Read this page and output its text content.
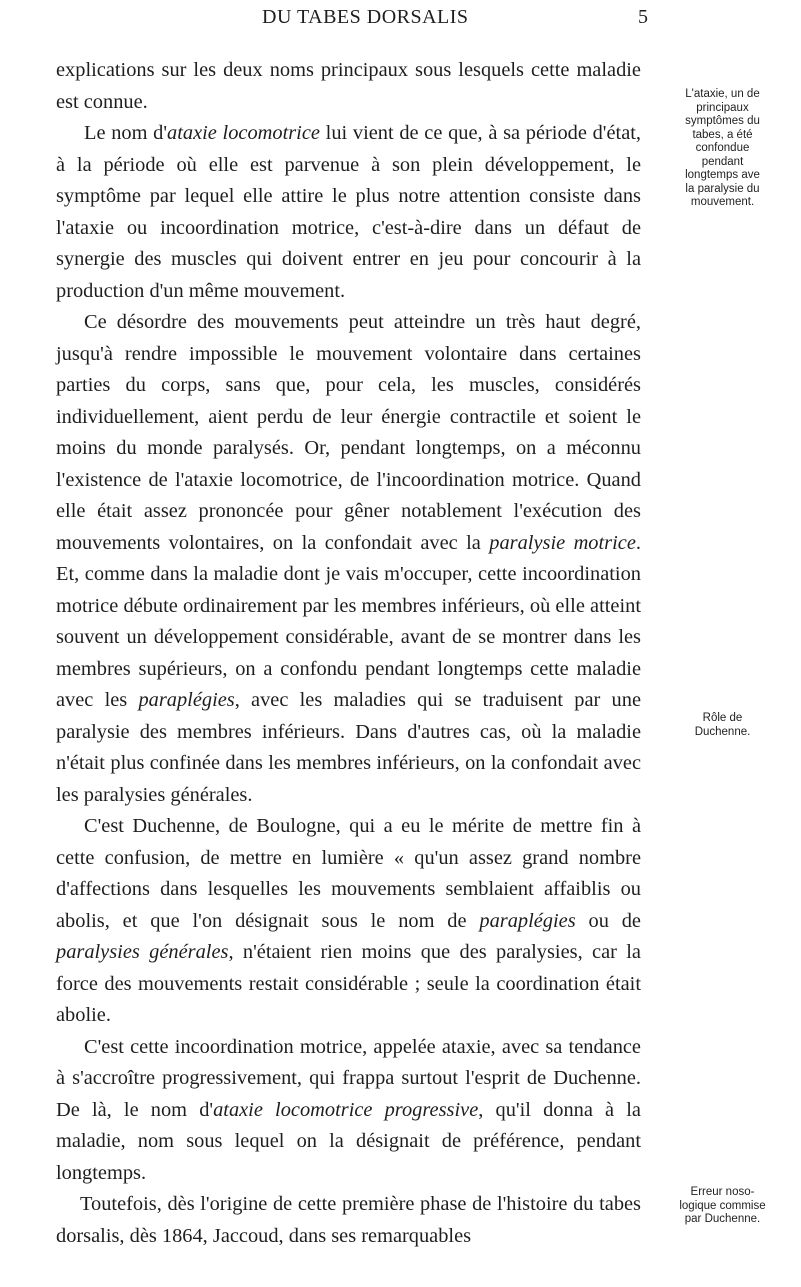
DU TABES DORSALIS	5

explications sur les deux noms principaux sous lesquels cette maladie est connue.

Le nom d'ataxie locomotrice lui vient de ce que, à sa période d'état, à la période où elle est parvenue à son plein développement, le symptôme par lequel elle attire le plus notre attention consiste dans l'ataxie ou incoordination motrice, c'est-à-dire dans un défaut de synergie des muscles qui doivent entrer en jeu pour concourir à la production d'un même mouvement.

Ce désordre des mouvements peut atteindre un très haut degré, jusqu'à rendre impossible le mouvement volontaire dans certaines parties du corps, sans que, pour cela, les muscles, considérés individuellement, aient perdu de leur énergie contractile et soient le moins du monde paralysés. Or, pendant longtemps, on a méconnu l'existence de l'ataxie locomotrice, de l'incoordination motrice. Quand elle était assez prononcée pour gêner notablement l'exécution des mouvements volontaires, on la confondait avec la paralysie motrice. Et, comme dans la maladie dont je vais m'occuper, cette incoordination motrice débute ordinairement par les membres inférieurs, où elle atteint souvent un développement considérable, avant de se montrer dans les membres supérieurs, on a confondu pendant longtemps cette maladie avec les paraplégies, avec les maladies qui se traduisent par une paralysie des membres inférieurs. Dans d'autres cas, où la maladie n'était plus confinée dans les membres inférieurs, on la confondait avec les paralysies générales.

C'est Duchenne, de Boulogne, qui a eu le mérite de mettre fin à cette confusion, de mettre en lumière « qu'un assez grand nombre d'affections dans lesquelles les mouvements semblaient affaiblis ou abolis, et que l'on désignait sous le nom de paraplégies ou de paralysies générales, n'étaient rien moins que des paralysies, car la force des mouvements restait considérable ; seule la coordination était abolie.

C'est cette incoordination motrice, appelée ataxie, avec sa tendance à s'accroître progressivement, qui frappa surtout l'esprit de Duchenne. De là, le nom d'ataxie locomotrice progressive, qu'il donna à la maladie, nom sous lequel on la désignait de préférence, pendant longtemps.

Toutefois, dès l'origine de cette première phase de l'histoire du tabes dorsalis, dès 1864, Jaccoud, dans ses remarquables

L'ataxie, un de
principaux
symptômes du
tabes, a été
confondue
pendant
longtemps ave
la paralysie du
mouvement.
Rôle de
Duchenne.
Erreur noso-
logique commise
par Duchenne.
